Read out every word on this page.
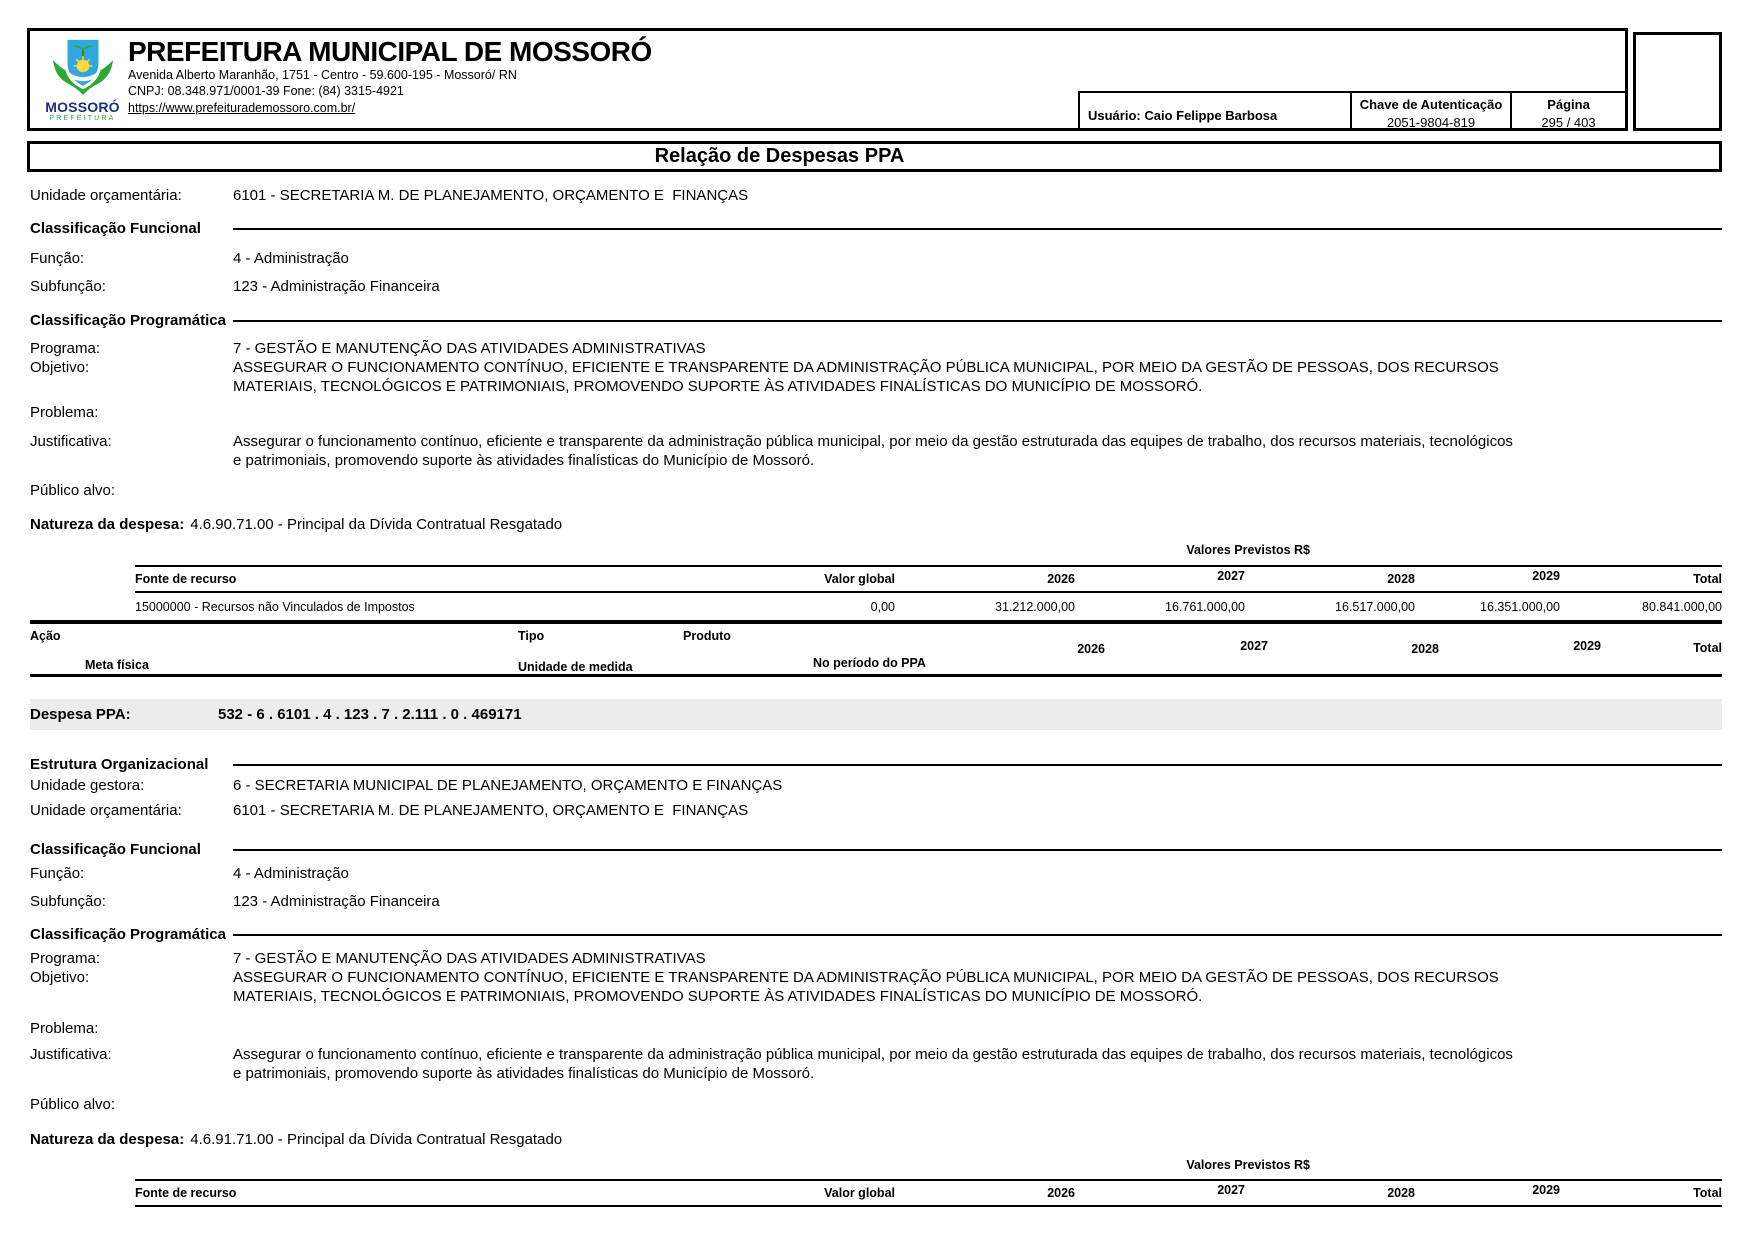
MOSSORÓ
PREFEITURA
PREFEITURA MUNICIPAL DE MOSSORÓ
Avenida Alberto Maranhão, 1751 - Centro - 59.600-195 - Mossoró/ RN
CNPJ: 08.348.971/0001-39 Fone: (84) 3315-4921
https://www.prefeiturademossoro.com.br/	Usuário: Caio Felippe Barbosa
Chave de Autenticação
2051-9804-819
Página
295 / 403
Relação de Despesas PPA
Unidade orçamentária:	6101 - SECRETARIA M. DE PLANEJAMENTO, ORÇAMENTO E  FINANÇAS
Classificação Funcional
Função:	4 - Administração
Subfunção:	123 - Administração Financeira
Classificação Programática
Programa:	7 - GESTÃO E MANUTENÇÃO DAS ATIVIDADES ADMINISTRATIVAS
Objetivo:	ASSEGURAR O FUNCIONAMENTO CONTÍNUO, EFICIENTE E TRANSPARENTE DA ADMINISTRAÇÃO PÚBLICA MUNICIPAL, POR MEIO DA GESTÃO DE PESSOAS, DOS RECURSOS MATERIAIS, TECNOLÓGICOS E PATRIMONIAIS, PROMOVENDO SUPORTE ÀS ATIVIDADES FINALÍSTICAS DO MUNICÍPIO DE MOSSORÓ.
Problema:
Justificativa:	Assegurar o funcionamento contínuo, eficiente e transparente da administração pública municipal, por meio da gestão estruturada das equipes de trabalho, dos recursos materiais, tecnológicos e patrimoniais, promovendo suporte às atividades finalísticas do Município de Mossoró.
Público alvo:
Natureza da despesa: 4.6.90.71.00 - Principal da Dívida Contratual Resgatado
Valores Previstos R$
Fonte de recurso	Valor global	2026	2027	2028	2029	Total
15000000 - Recursos não Vinculados de Impostos	0,00	31.212.000,00	16.761.000,00	16.517.000,00	16.351.000,00	80.841.000,00
Ação	Tipo	Produto
2026	2027	2028	2029	Total
Meta física	Unidade de medida	No período do PPA
Despesa PPA:	532 - 6 . 6101 . 4 . 123 . 7 . 2.111 . 0 . 469171
Estrutura Organizacional
Unidade gestora:	6 - SECRETARIA MUNICIPAL DE PLANEJAMENTO, ORÇAMENTO E FINANÇAS
Unidade orçamentária:	6101 - SECRETARIA M. DE PLANEJAMENTO, ORÇAMENTO E  FINANÇAS
Classificação Funcional
Função:	4 - Administração
Subfunção:	123 - Administração Financeira
Classificação Programática
Programa:	7 - GESTÃO E MANUTENÇÃO DAS ATIVIDADES ADMINISTRATIVAS
Objetivo:	ASSEGURAR O FUNCIONAMENTO CONTÍNUO, EFICIENTE E TRANSPARENTE DA ADMINISTRAÇÃO PÚBLICA MUNICIPAL, POR MEIO DA GESTÃO DE PESSOAS, DOS RECURSOS MATERIAIS, TECNOLÓGICOS E PATRIMONIAIS, PROMOVENDO SUPORTE ÀS ATIVIDADES FINALÍSTICAS DO MUNICÍPIO DE MOSSORÓ.
Problema:
Justificativa:	Assegurar o funcionamento contínuo, eficiente e transparente da administração pública municipal, por meio da gestão estruturada das equipes de trabalho, dos recursos materiais, tecnológicos e patrimoniais, promovendo suporte às atividades finalísticas do Município de Mossoró.
Público alvo:
Natureza da despesa: 4.6.91.71.00 - Principal da Dívida Contratual Resgatado
Valores Previstos R$
Fonte de recurso	Valor global	2026	2027	2028	2029	Total
